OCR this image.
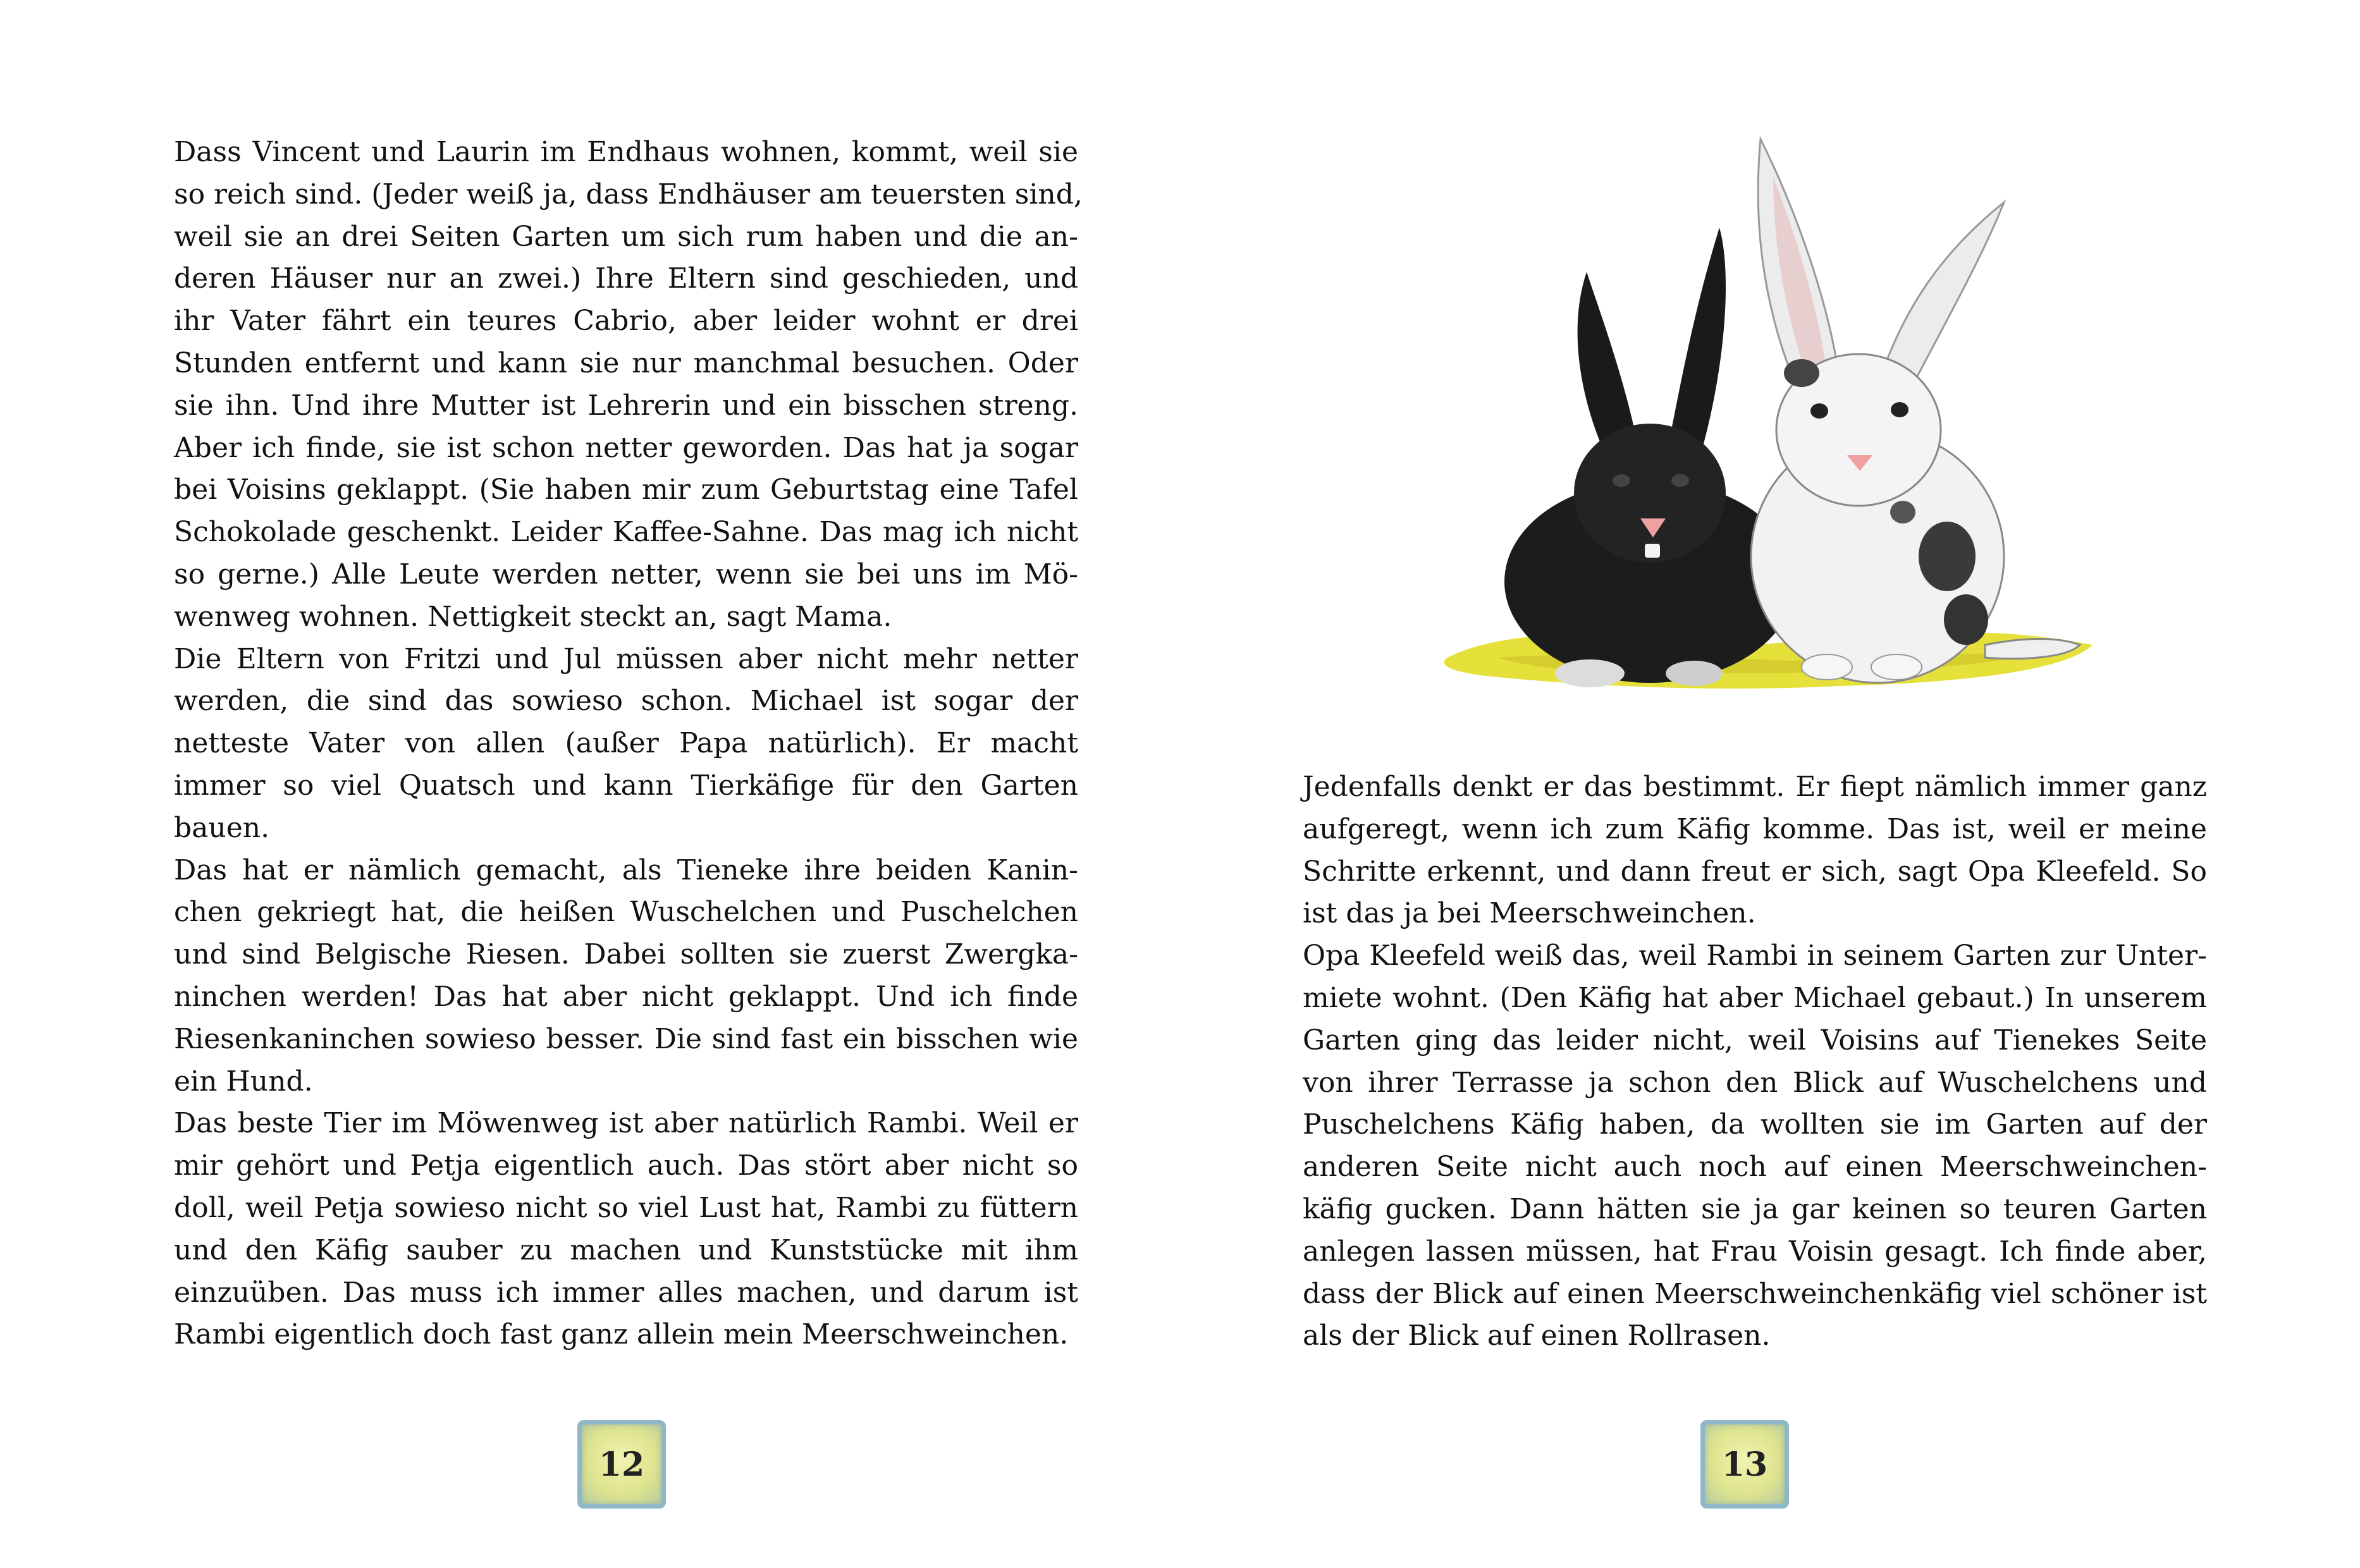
Dass Vincent und Laurin im Endhaus wohnen, kommt, weil sie
so reich sind. (Jeder weiß ja, dass Endhäuser am teuersten sind,
weil sie an drei Seiten Garten um sich rum haben und die an-
deren Häuser nur an zwei.) Ihre Eltern sind geschieden, und
ihr Vater fährt ein teures Cabrio, aber leider wohnt er drei
Stunden entfernt und kann sie nur manchmal besuchen. Oder
sie ihn. Und ihre Mutter ist Lehrerin und ein bisschen streng.
Aber ich finde, sie ist schon netter geworden. Das hat ja sogar
bei Voisins geklappt. (Sie haben mir zum Geburtstag eine Tafel
Schokolade geschenkt. Leider Kaffee-Sahne. Das mag ich nicht
so gerne.) Alle Leute werden netter, wenn sie bei uns im Mö-
wenweg wohnen. Nettigkeit steckt an, sagt Mama.
Die Eltern von Fritzi und Jul müssen aber nicht mehr netter
werden, die sind das sowieso schon. Michael ist sogar der
netteste Vater von allen (außer Papa natürlich). Er macht
immer so viel Quatsch und kann Tierkäfige für den Garten
bauen.
Das hat er nämlich gemacht, als Tieneke ihre beiden Kanin-
chen gekriegt hat, die heißen Wuschelchen und Puschelchen
und sind Belgische Riesen. Dabei sollten sie zuerst Zwergka-
ninchen werden! Das hat aber nicht geklappt. Und ich finde
Riesenkaninchen sowieso besser. Die sind fast ein bisschen wie
ein Hund.
Das beste Tier im Möwenweg ist aber natürlich Rambi. Weil er
mir gehört und Petja eigentlich auch. Das stört aber nicht so
doll, weil Petja sowieso nicht so viel Lust hat, Rambi zu füttern
und den Käfig sauber zu machen und Kunststücke mit ihm
einzuüben. Das muss ich immer alles machen, und darum ist
Rambi eigentlich doch fast ganz allein mein Meerschweinchen.
12
Jedenfalls denkt er das bestimmt. Er fiept nämlich immer ganz
aufgeregt, wenn ich zum Käfig komme. Das ist, weil er meine
Schritte erkennt, und dann freut er sich, sagt Opa Kleefeld. So
ist das ja bei Meerschweinchen.
Opa Kleefeld weiß das, weil Rambi in seinem Garten zur Unter-
miete wohnt. (Den Käfig hat aber Michael gebaut.) In unserem
Garten ging das leider nicht, weil Voisins auf Tienekes Seite
von ihrer Terrasse ja schon den Blick auf Wuschelchens und
Puschelchens Käfig haben, da wollten sie im Garten auf der
anderen Seite nicht auch noch auf einen Meerschweinchen-
käfig gucken. Dann hätten sie ja gar keinen so teuren Garten
anlegen lassen müssen, hat Frau Voisin gesagt. Ich finde aber,
dass der Blick auf einen Meerschweinchenkäfig viel schöner ist
als der Blick auf einen Rollrasen.
13
